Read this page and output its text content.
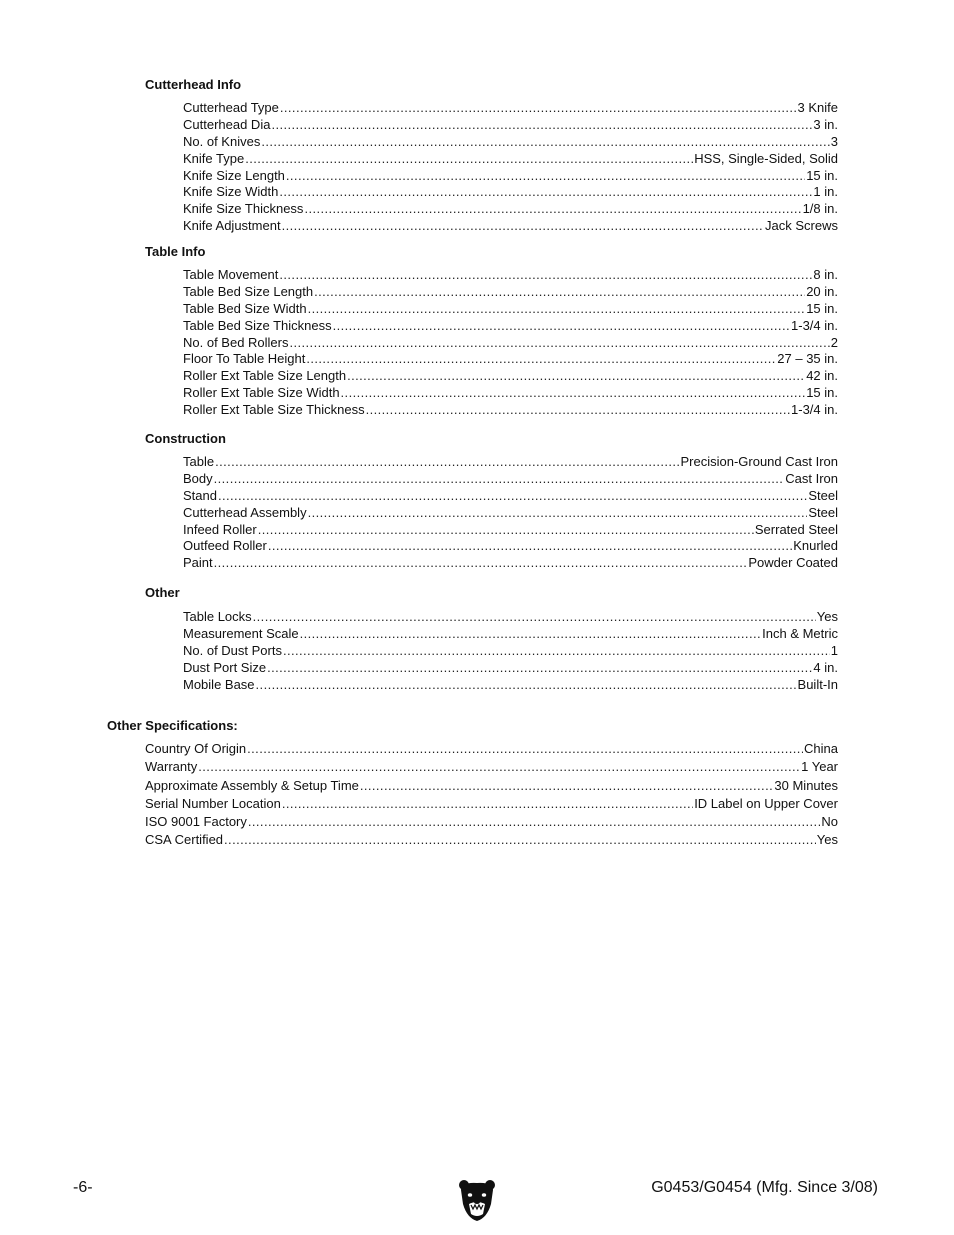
Cutterhead Info
Cutterhead Type .....	3 Knife
Cutterhead Dia .....	3 in.
No. of Knives .....	3
Knife Type .....	HSS, Single-Sided, Solid
Knife Size Length .....	15 in.
Knife Size Width .....	1 in.
Knife Size Thickness .....	1/8 in.
Knife Adjustment .....	Jack Screws
Table Info
Table Movement .....	8 in.
Table Bed Size Length .....	20 in.
Table Bed Size Width .....	15 in.
Table Bed Size Thickness .....	1-3/4 in.
No. of Bed Rollers .....	2
Floor To Table Height .....	27 – 35 in.
Roller Ext Table Size Length .....	42 in.
Roller Ext Table Size Width .....	15 in.
Roller Ext Table Size Thickness .....	1-3/4 in.
Construction
Table .....	Precision-Ground Cast Iron
Body .....	Cast Iron
Stand .....	Steel
Cutterhead Assembly .....	Steel
Infeed Roller .....	Serrated Steel
Outfeed Roller .....	Knurled
Paint .....	Powder Coated
Other
Table Locks .....	Yes
Measurement Scale .....	Inch & Metric
No. of Dust Ports .....	1
Dust Port Size .....	4 in.
Mobile Base .....	Built-In
Other Specifications:
Country Of Origin .....	China
Warranty .....	1 Year
Approximate Assembly & Setup Time .....	30 Minutes
Serial Number Location .....	ID Label on Upper Cover
ISO 9001 Factory .....	No
CSA Certified .....	Yes
-6-	G0453/G0454 (Mfg. Since 3/08)
